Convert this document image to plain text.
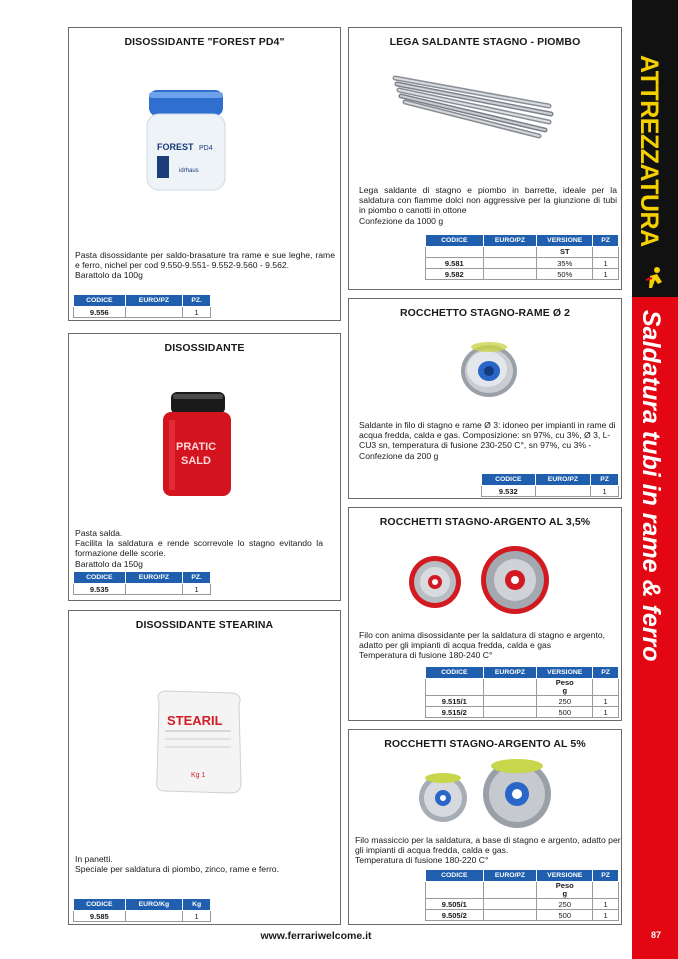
ATTREZZATURA
Saldatura tubi in rame & ferro
87
DISOSSIDANTE "FOREST PD4"
FOREST PD4
idrhaus
Pasta disossidante per saldo-brasature tra rame e sue leghe, rame e ferro, nichel per cod 9.550-9.551- 9.552-9.560 - 9.562.
Barattolo da 100g
CODICE	EURO/PZ	PZ.
9.556		1
DISOSSIDANTE
PRATIC
SALD
Pasta salda.
Facilita la saldatura e rende scorrevole lo stagno evitando la formazione delle scorie.
Barattolo da 150g
CODICE	EURO/PZ	PZ.
9.535		1
DISOSSIDANTE STEARINA
STEARIL
Kg 1
In panetti.
Speciale per saldatura di piombo, zinco, rame e ferro.
CODICE	EURO/Kg	Kg
9.585		1
LEGA SALDANTE STAGNO - PIOMBO
Lega saldante di stagno e piombo in barrette, ideale per la saldatura con fiamme dolci non aggressive per la giunzione di tubi in piombo o canotti in ottone
Confezione da 1000 g
CODICE	EURO/PZ	VERSIONE	PZ
		ST	
9.581		35%	1
9.582		50%	1
ROCCHETTO STAGNO-RAME Ø 2
Saldante in filo di stagno e rame Ø 3: idoneo per impianti in rame di acqua fredda, calda e gas. Composizione: sn 97%, cu 3%, Ø 3, L-CU3 sn, temperatura di fusione 230-250 C°, sn 97%, cu 3% -
Confezione da 200 g
CODICE	EURO/PZ	PZ
9.532		1
ROCCHETTI STAGNO-ARGENTO AL 3,5%
Filo con anima disossidante per la saldatura di stagno e argento, adatto per gli impianti di acqua fredda, calda e gas
Temperatura di fusione 180-240 C°
CODICE	EURO/PZ	VERSIONE	PZ

		Peso
g	

9.515/1		250	1
9.515/2		500	1
ROCCHETTI STAGNO-ARGENTO AL 5%
Filo massiccio per la saldatura, a base di stagno e argento, adatto per gli impianti di acqua fredda, calda e gas.
Temperatura di fusione 180-220 C°
CODICE	EURO/PZ	VERSIONE	PZ

		Peso
g	

9.505/1		250	1
9.505/2		500	1
www.ferrariwelcome.it
